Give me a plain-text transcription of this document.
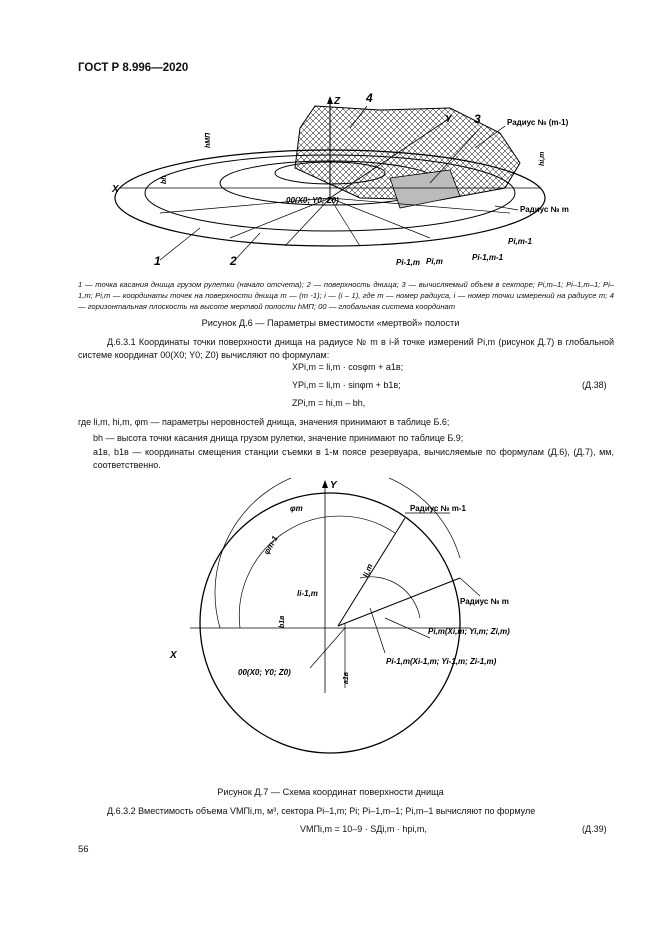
ГОСТ Р 8.996—2020
Z
Y
X
1	2
3
4
Радиус № (m-1)
Радиус № m
00(X0; Y0; Z0)
hМП
hi,m
bh
Pi,m-1
Pi-1,m-1
Pi-1,m Pi,m
1 — точка касания днища грузом рулетки (начало отсчета); 2 — поверхность днища; 3 — вычисляемый объем в секторе; Pi,m–1; Pi–1,m–1; Pi–1,m; Pi,m — координаты точек на поверхности днища m — (m -1); i — (i – 1), где m — номер радиуса, i — номер точки измерений на радиусе m; 4 — горизонтальная плоскость на высоте мертвой полости hМП; 00 — глобальная система координат
Рисунок Д.6 — Параметры вместимости «мертвой» полости
Д.6.3.1 Координаты точки поверхности днища на радиусе № m в i-й точке измерений Pi,m (рисунок Д.7) в глобальной системе координат 00(X0; Y0; Z0) вычисляют по формулам:
XPi,m = li,m · cosφm + a1в;
YPi,m = li,m · sinφm + b1в;	(Д.38)
ZPi,m = hi,m – bh,
где li,m, hi,m, φm — параметры неровностей днища, значения принимают в таблице Б.6;
bh — высота точки касания днища грузом рулетки, значение принимают по таблице Б.9;
a1в, b1в — координаты смещения станции съемки в 1-м поясе резервуара, вычисляемые по формулам (Д.6), (Д.7), мм, соответственно.
Y
X
Радиус № m-1
Радиус № m
φm
φm-1
li,m
li-1,m
b1в
a1в
00(X0; Y0; Z0)
Pi,m(Xi,m; Yi,m; Zi,m)
Pi-1,m(Xi-1,m; Yi-1,m; Zi-1,m)
Рисунок Д.7 — Схема координат поверхности днища
Д.6.3.2 Вместимость объема VМПi,m, м³, сектора Pi–1,m; Pi; Pi–1,m–1; Pi,m–1 вычисляют по формуле
VМПi,m = 10–9 · SДi,m · hрi,m,	(Д.39)
56
